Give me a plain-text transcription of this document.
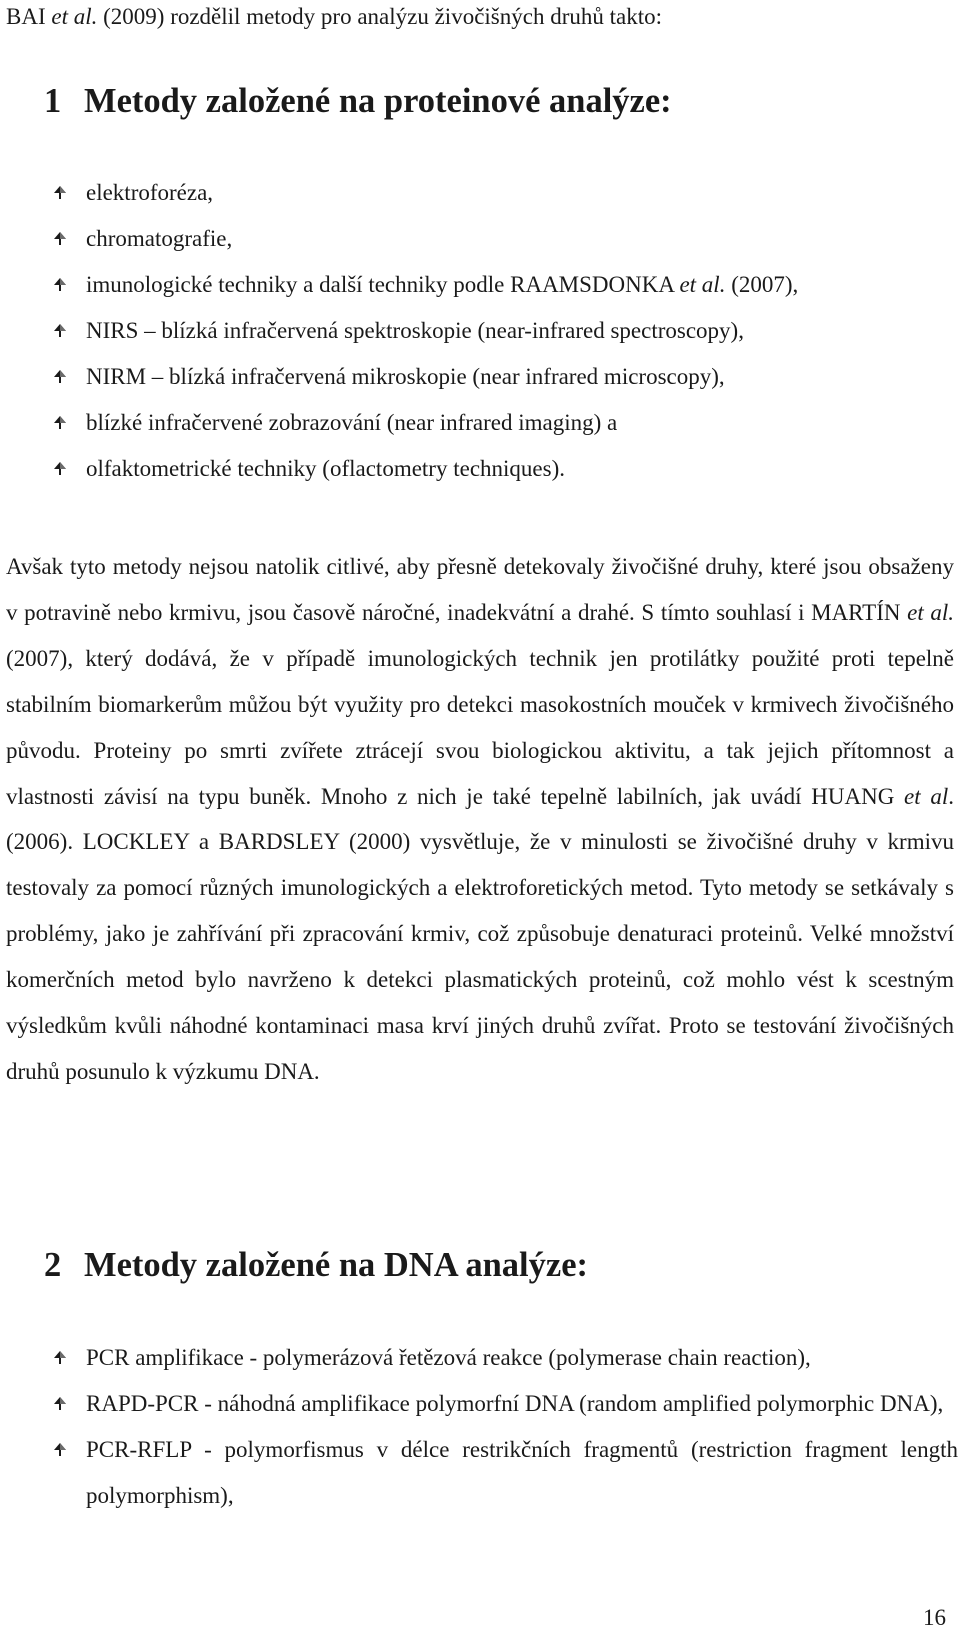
BAI et al. (2009) rozdělil metody pro analýzu živočišných druhů takto:

1 Metody založené na proteinové analýze:
elektroforéza,
chromatografie,
imunologické techniky a další techniky podle RAAMSDONKA et al. (2007),
NIRS – blízká infračervená spektroskopie (near-infrared spectroscopy),
NIRM – blízká infračervená mikroskopie (near infrared microscopy),
blízké infračervené zobrazování (near infrared imaging) a
olfaktometrické techniky (oflactometry techniques).

Avšak tyto metody nejsou natolik citlivé, aby přesně detekovaly živočišné druhy, které jsou obsaženy v potravině nebo krmivu, jsou časově náročné, inadekvátní a drahé. S tímto souhlasí i MARTÍN et al. (2007), který dodává, že v případě imunologických technik jen protilátky použité proti tepelně stabilním biomarkerům můžou být využity pro detekci masokostních mouček v krmivech živočišného původu. Proteiny po smrti zvířete ztrácejí svou biologickou aktivitu, a tak jejich přítomnost a vlastnosti závisí na typu buněk. Mnoho z nich je také tepelně labilních, jak uvádí HUANG et al. (2006). LOCKLEY a BARDSLEY (2000) vysvětluje, že v minulosti se živočišné druhy v krmivu testovaly za pomocí různých imunologických a elektroforetických metod. Tyto metody se setkávaly s problémy, jako je zahřívání při zpracování krmiv, což způsobuje denaturaci proteinů. Velké množství komerčních metod bylo navrženo k detekci plasmatických proteinů, což mohlo vést k scestným výsledkům kvůli náhodné kontaminaci masa krví jiných druhů zvířat. Proto se testování živočišných druhů posunulo k výzkumu DNA.

2 Metody založené na DNA analýze:
PCR amplifikace - polymerázová řetězová reakce (polymerase chain reaction),
RAPD-PCR - náhodná amplifikace polymorfní DNA (random amplified polymorphic DNA),
PCR-RFLP - polymorfismus v délce restrikčních fragmentů (restriction fragment length polymorphism),

16
